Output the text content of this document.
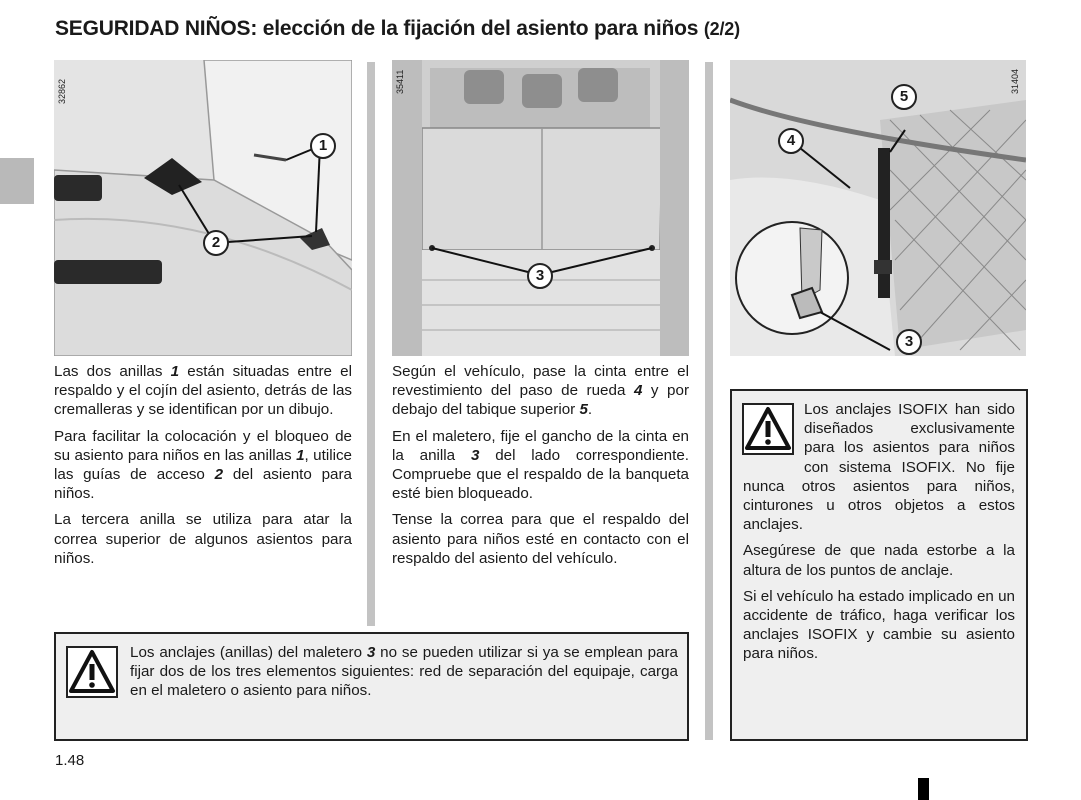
SEGURIDAD NIÑOS: elección de la fijación del asiento para niños (2/2)
32862
1
2
35411
3
31404
5
4
3

Las dos anillas 1 están situadas entre el respaldo y el cojín del asiento, detrás de las cremalleras y se identifican por un dibujo.

Para facilitar la colocación y el bloqueo de su asiento para niños en las anillas 1, utilice las guías de acceso 2 del asiento para niños.

La tercera anilla se utiliza para atar la correa superior de algunos asientos para niños.

Según el vehículo, pase la cinta entre el revestimiento del paso de rueda 4 y por debajo del tabique superior 5.

En el maletero, fije el gancho de la cinta en la anilla 3 del lado correspondiente. Compruebe que el respaldo de la banqueta esté bien bloqueado.

Tense la correa para que el respaldo del asiento para niños esté en contacto con el respaldo del asiento del vehículo.

Los anclajes (anillas) del maletero 3 no se pueden utilizar si ya se emplean para fijar dos de los tres elementos siguientes: red de separación del equipaje, carga en el maletero o asiento para niños.

Los anclajes ISOFIX han sido diseñados exclusivamente para los asientos para niños con sistema ISOFIX. No fije nunca otros asientos para niños, cinturones u otros objetos a estos anclajes.

Asegúrese de que nada estorbe a la altura de los puntos de anclaje.

Si el vehículo ha estado implicado en un accidente de tráfico, haga verificar los anclajes ISOFIX y cambie su asiento para niños.

1.48
